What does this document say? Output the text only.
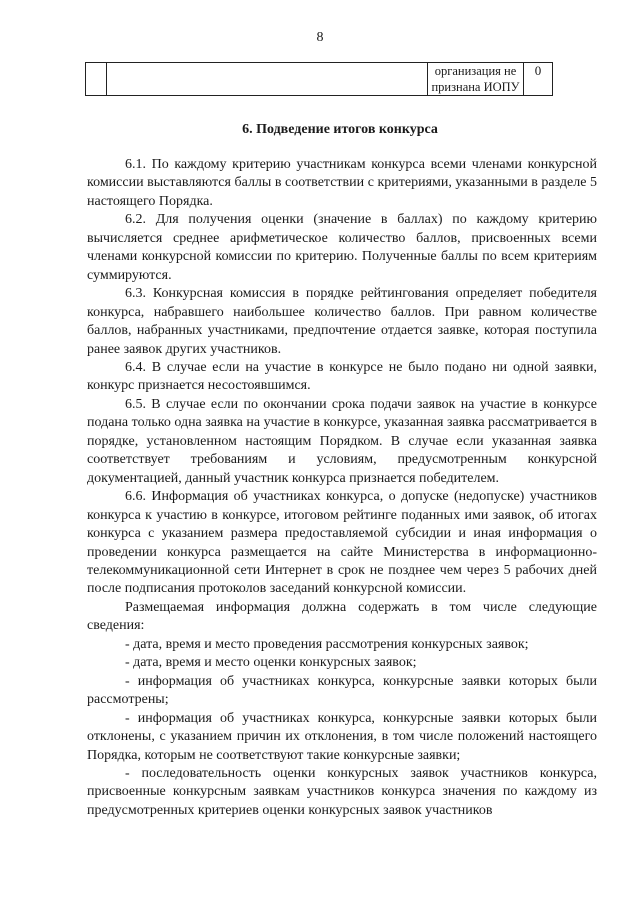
8
		организация не признана ИОПУ	0
6. Подведение итогов конкурса

6.1. По каждому критерию участникам конкурса всеми членами конкурсной комиссии выставляются баллы в соответствии с критериями, указанными в разделе 5 настоящего Порядка.

6.2. Для получения оценки (значение в баллах) по каждому критерию вычисляется среднее арифметическое количество баллов, присвоенных всеми членами конкурсной комиссии по критерию. Полученные баллы по всем критериям суммируются.

6.3. Конкурсная комиссия в порядке рейтингования определяет победителя конкурса, набравшего наибольшее количество баллов. При равном количестве баллов, набранных участниками, предпочтение отдается заявке, которая поступила ранее заявок других участников.

6.4. В случае если на участие в конкурсе не было подано ни одной заявки, конкурс признается несостоявшимся.

6.5. В случае если по окончании срока подачи заявок на участие в конкурсе подана только одна заявка на участие в конкурсе, указанная заявка рассматривается в порядке, установленном настоящим Порядком. В случае если указанная заявка соответствует требованиям и условиям, предусмотренным конкурсной документацией, данный участник конкурса признается победителем.

6.6. Информация об участниках конкурса, о допуске (недопуске) участников конкурса к участию в конкурсе, итоговом рейтинге поданных ими заявок, об итогах конкурса с указанием размера предоставляемой субсидии и иная информация о проведении конкурса размещается на сайте Министерства в информационно-телекоммуникационной сети Интернет в срок не позднее чем через 5 рабочих дней после подписания протоколов заседаний конкурсной комиссии.

Размещаемая информация должна содержать в том числе следующие сведения:

- дата, время и место проведения рассмотрения конкурсных заявок;

- дата, время и место оценки конкурсных заявок;

- информация об участниках конкурса, конкурсные заявки которых были рассмотрены;

- информация об участниках конкурса, конкурсные заявки которых были отклонены, с указанием причин их отклонения, в том числе положений настоящего Порядка, которым не соответствуют такие конкурсные заявки;

- последовательность оценки конкурсных заявок участников конкурса, присвоенные конкурсным заявкам участников конкурса значения по каждому из предусмотренных критериев оценки конкурсных заявок участников
